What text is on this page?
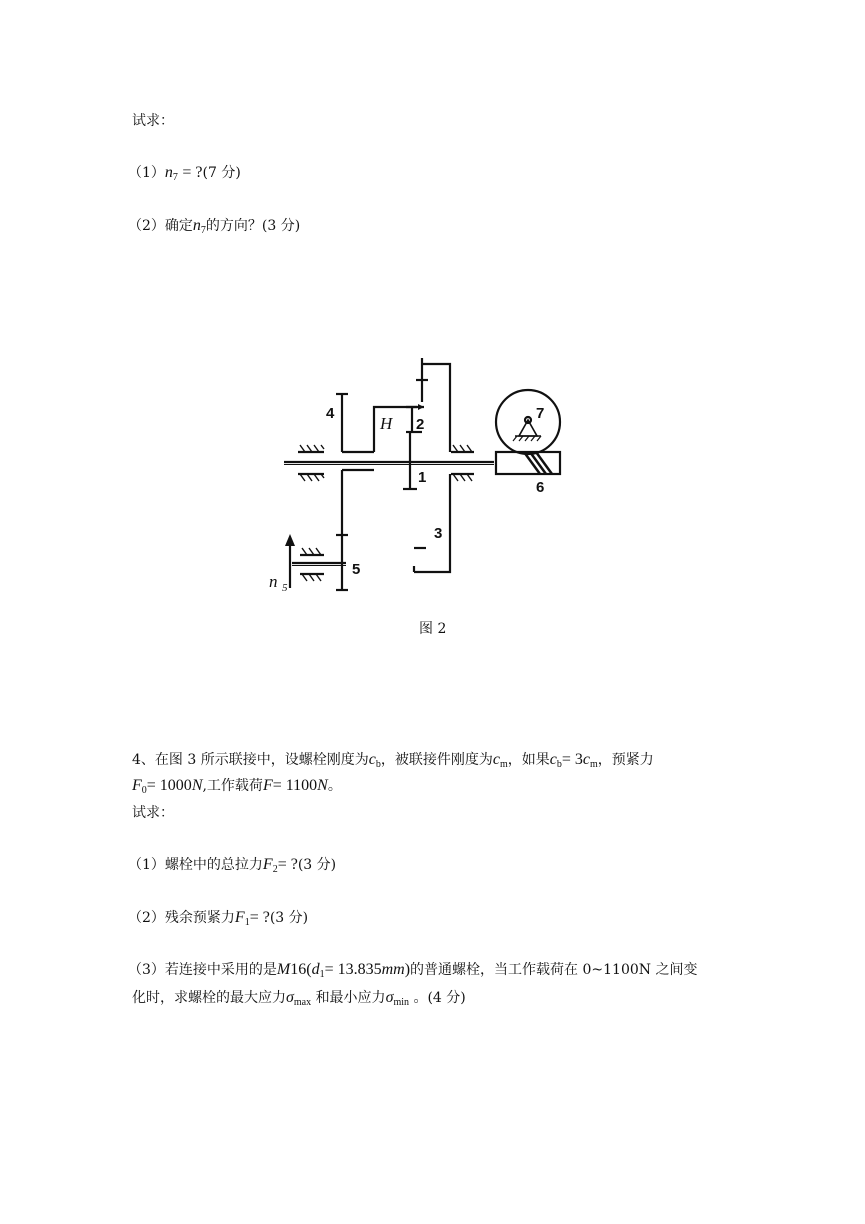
试求：
$(1)n_7$ = ?(7 分)
（2）确定$n_7$的方向？(3 分)
4
H 2
1
3
5
6
7
n 5
图 2
4、在图 3 所示联接中，设螺栓刚度为$c_b$，被联接件刚度为$c_m$，如果$c_b= 3c_m$，预紧力
$F_0= 1000N$,工作载荷F= 1100N。
试求：
（1）螺栓中的总拉力$F_2=$ ?(3 分)
（2）残余预紧力$F_1=$ ?(3 分)
（3）若连接中采用的是$M16(d_1= 13.835mm)$的普通螺栓，当工作载荷在 0~1100N 之间变
化时，求螺栓的最大应力$\sigma_{max}$ 和最小应力$\sigma_{min}$ 。(4 分)
